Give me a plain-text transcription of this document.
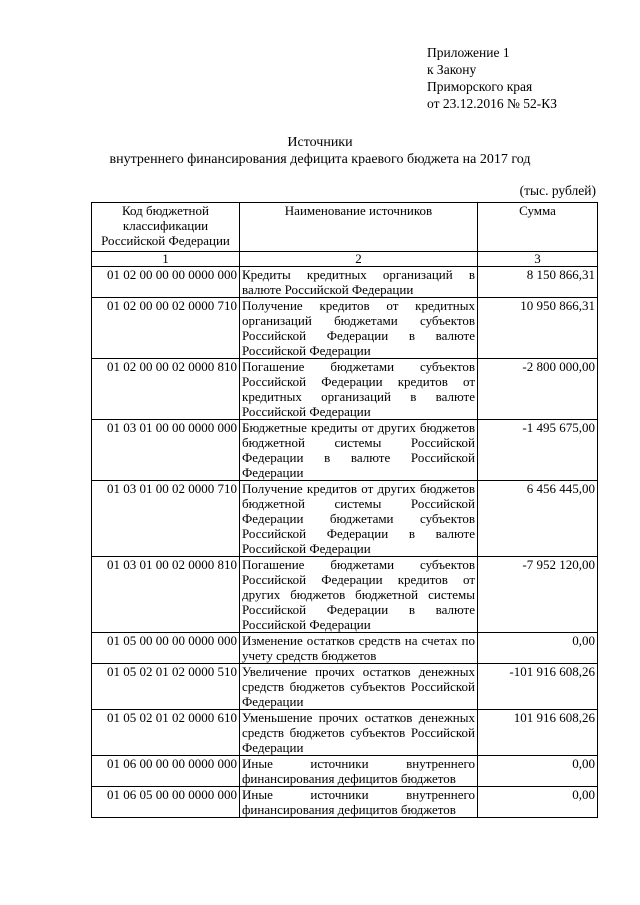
Приложение 1
к Закону
Приморского края
от 23.12.2016 № 52-КЗ
Источники
внутреннего финансирования дефицита краевого бюджета на 2017 год
(тыс. рублей)
Код бюджетной классификации Российской Федерации	Наименование источников	Сумма
1	2	3
01 02 00 00 00 0000 000	Кредиты кредитных организаций в валюте Российской Федерации	8 150 866,31
01 02 00 00 02 0000 710	Получение кредитов от кредитных организаций бюджетами субъектов Российской Федерации в валюте Российской Федерации	10 950 866,31
01 02 00 00 02 0000 810	Погашение бюджетами субъектов Российской Федерации кредитов от кредитных организаций в валюте Российской Федерации	-2 800 000,00
01 03 01 00 00 0000 000	Бюджетные кредиты от других бюджетов бюджетной системы Российской Федерации в валюте Российской Федерации	-1 495 675,00
01 03 01 00 02 0000 710	Получение кредитов от других бюджетов бюджетной системы Российской Федерации бюджетами субъектов Российской Федерации в валюте Российской Федерации	6 456 445,00
01 03 01 00 02 0000 810	Погашение бюджетами субъектов Российской Федерации кредитов от других бюджетов бюджетной системы Российской Федерации в валюте Российской Федерации	-7 952 120,00
01 05 00 00 00 0000 000	Изменение остатков средств на счетах по учету средств бюджетов	0,00
01 05 02 01 02 0000 510	Увеличение прочих остатков денежных средств бюджетов субъектов Российской Федерации	-101 916 608,26
01 05 02 01 02 0000 610	Уменьшение прочих остатков денежных средств бюджетов субъектов Российской Федерации	101 916 608,26
01 06 00 00 00 0000 000	Иные источники внутреннего финансирования дефицитов бюджетов	0,00
01 06 05 00 00 0000 000	Иные источники внутреннего финансирования дефицитов бюджетов	0,00
